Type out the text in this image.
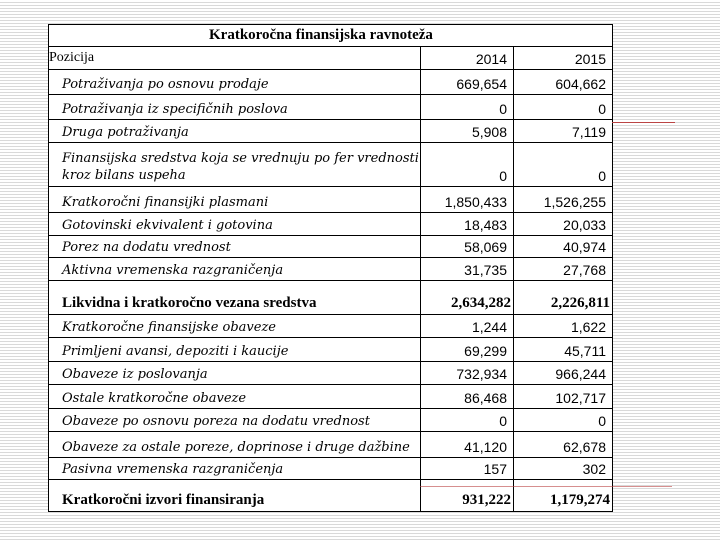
Kratkoročna finansijska ravnoteža		
Pozicija	2014	2015
Potraživanja po osnovu prodaje	669,654	604,662
Potraživanja iz specifičnih poslova	0	0
Druga potraživanja	5,908	7,119
Finansijska sredstva koja se vrednuju po fer vrednosti kroz bilans uspeha	0	0
Kratkoročni finansijki plasmani	1,850,433	1,526,255
Gotovinski ekvivalent i gotovina	18,483	20,033
Porez na dodatu vrednost	58,069	40,974
Aktivna vremenska razgraničenja	31,735	27,768
Likvidna i kratkoročno vezana sredstva	2,634,282	2,226,811
Kratkoročne finansijske obaveze	1,244	1,622
Primljeni avansi, depoziti i kaucije	69,299	45,711
Obaveze iz poslovanja	732,934	966,244
Ostale kratkoročne obaveze	86,468	102,717
Obaveze po osnovu poreza na dodatu vrednost	0	0
Obaveze za ostale poreze, doprinose i druge dažbine	41,120	62,678
Pasivna vremenska razgraničenja	157	302
Kratkoročni izvori finansiranja	931,222	1,179,274
